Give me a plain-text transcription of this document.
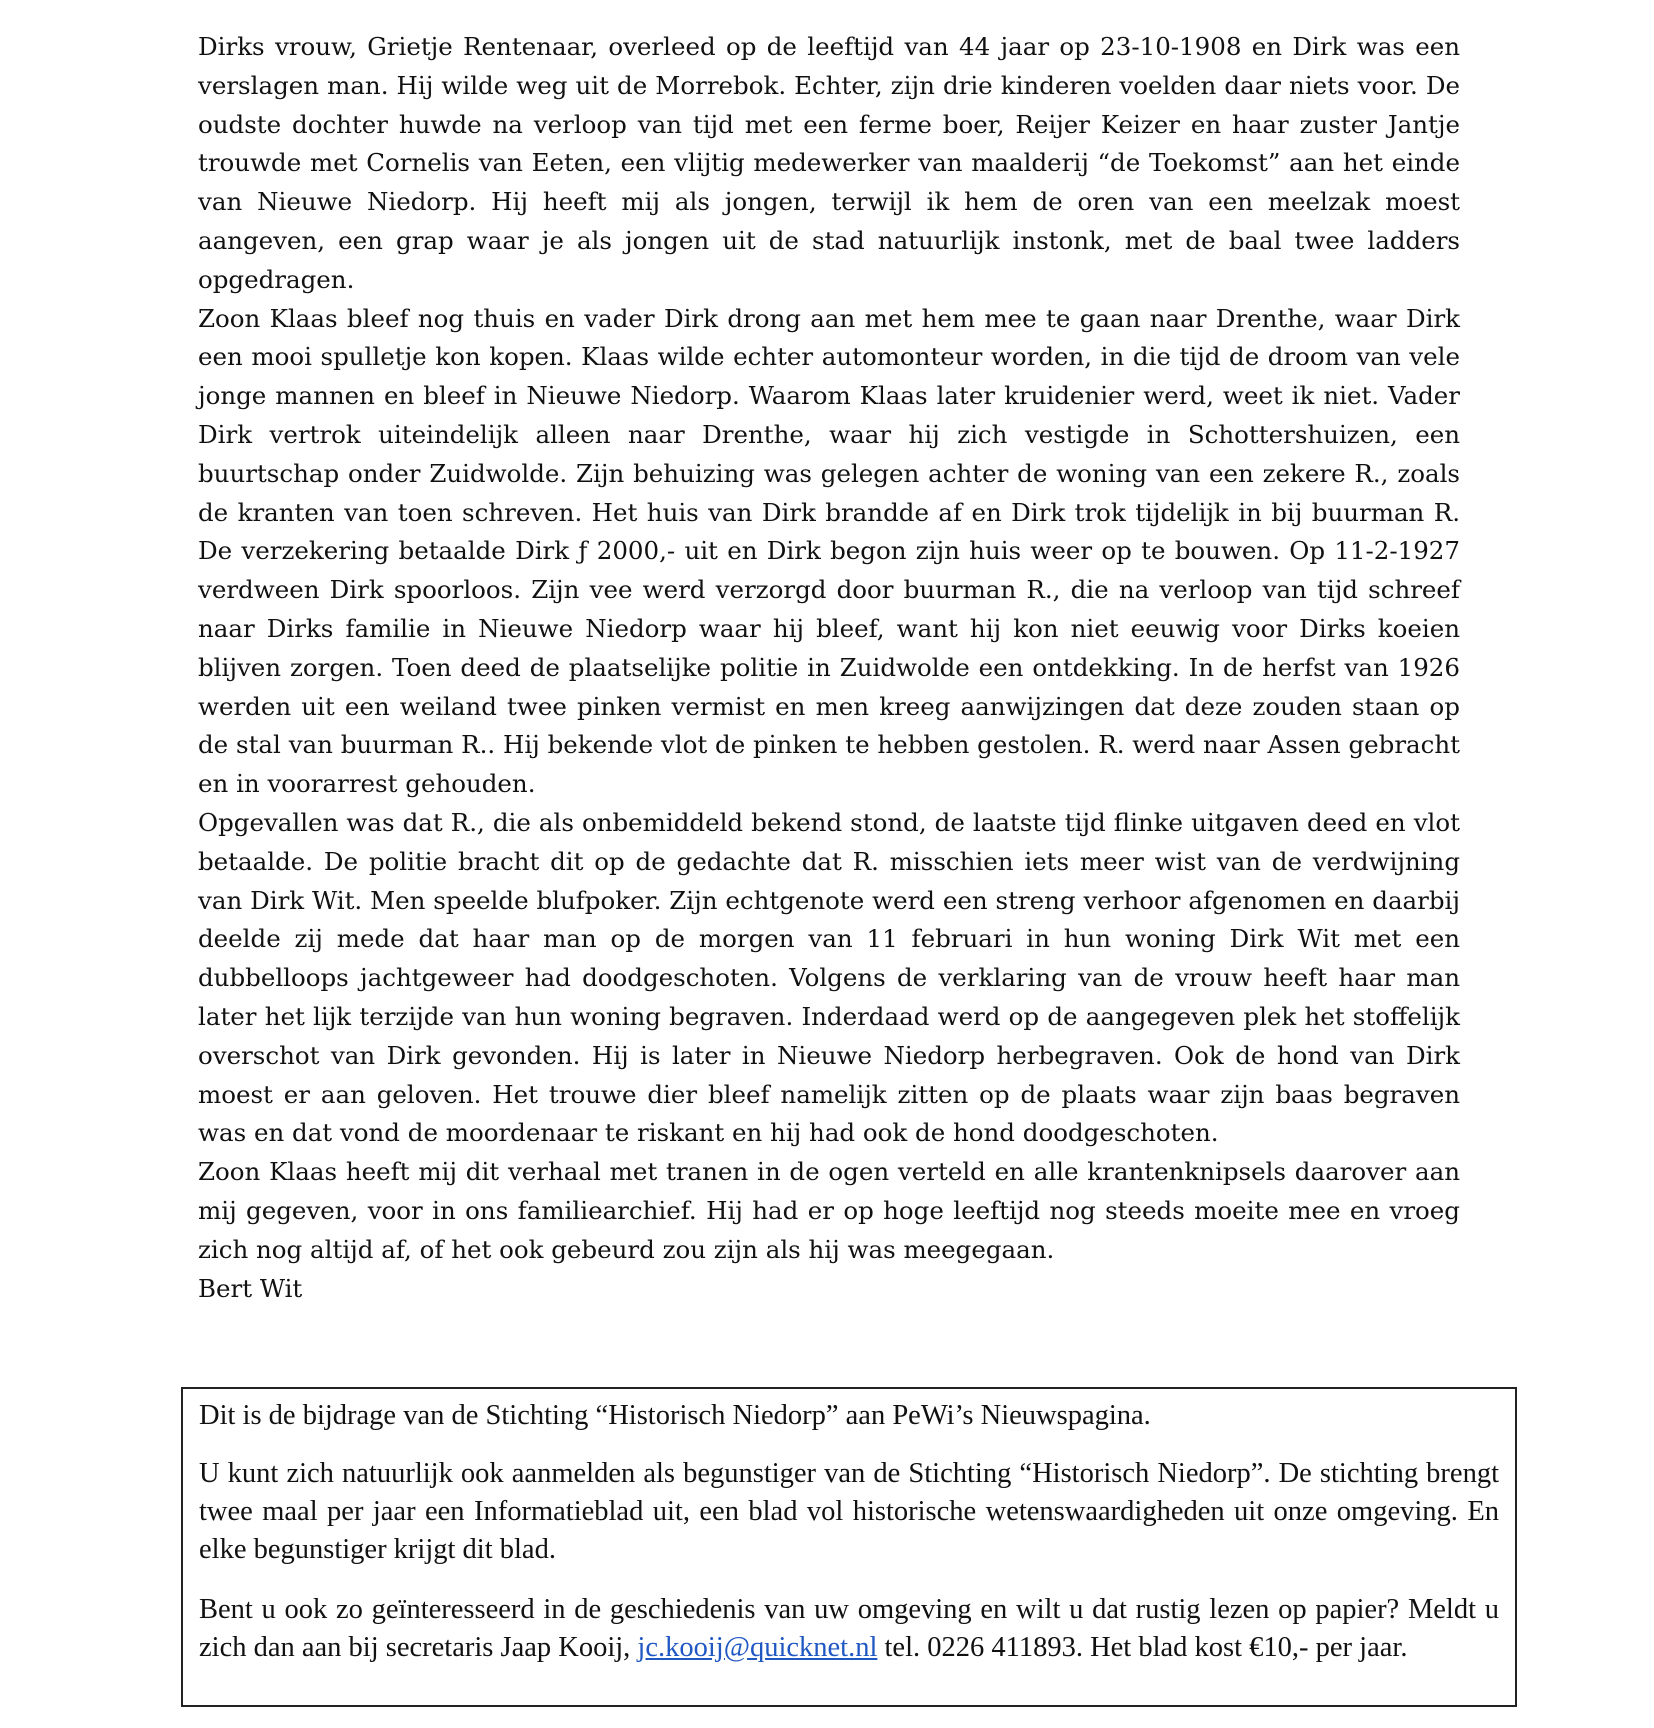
Dirks vrouw, Grietje Rentenaar, overleed op de leeftijd van 44 jaar op 23-10-1908 en Dirk was een verslagen man. Hij wilde weg uit de Morrebok. Echter, zijn drie kinderen voelden daar niets voor. De oudste dochter huwde na verloop van tijd met een ferme boer, Reijer Keizer en haar zuster Jantje trouwde met Cornelis van Eeten, een vlijtig medewerker van maalderij “de Toekomst” aan het einde van Nieuwe Niedorp. Hij heeft mij als jongen, terwijl ik hem de oren van een meelzak moest aangeven, een grap waar je als jongen uit de stad natuurlijk instonk, met de baal twee ladders opgedragen.

Zoon Klaas bleef nog thuis en vader Dirk drong aan met hem mee te gaan naar Drenthe, waar Dirk een mooi spulletje kon kopen. Klaas wilde echter automonteur worden, in die tijd de droom van vele jonge mannen en bleef in Nieuwe Niedorp. Waarom Klaas later kruidenier werd, weet ik niet. Vader Dirk vertrok uiteindelijk alleen naar Drenthe, waar hij zich vestigde in Schottershuizen, een buurtschap onder Zuidwolde. Zijn behuizing was gelegen achter de woning van een zekere R., zoals de kranten van toen schreven. Het huis van Dirk brandde af en Dirk trok tijdelijk in bij buurman R. De verzekering betaalde Dirk ƒ 2000,- uit en Dirk begon zijn huis weer op te bouwen. Op 11-2-1927 verdween Dirk spoorloos. Zijn vee werd verzorgd door buurman R., die na verloop van tijd schreef naar Dirks familie in Nieuwe Niedorp waar hij bleef, want hij kon niet eeuwig voor Dirks koeien blijven zorgen. Toen deed de plaatselijke politie in Zuidwolde een ontdekking. In de herfst van 1926 werden uit een weiland twee pinken vermist en men kreeg aanwijzingen dat deze zouden staan op de stal van buurman R.. Hij bekende vlot de pinken te hebben gestolen. R. werd naar Assen gebracht en in voorarrest gehouden.

Opgevallen was dat R., die als onbemiddeld bekend stond, de laatste tijd flinke uitgaven deed en vlot betaalde. De politie bracht dit op de gedachte dat R. misschien iets meer wist van de verdwijning van Dirk Wit. Men speelde blufpoker. Zijn echtgenote werd een streng verhoor afgenomen en daarbij deelde zij mede dat haar man op de morgen van 11 februari in hun woning Dirk Wit met een dubbelloops jachtgeweer had doodgeschoten. Volgens de verklaring van de vrouw heeft haar man later het lijk terzijde van hun woning begraven. Inderdaad werd op de aangegeven plek het stoffelijk overschot van Dirk gevonden. Hij is later in Nieuwe Niedorp herbegraven. Ook de hond van Dirk moest er aan geloven. Het trouwe dier bleef namelijk zitten op de plaats waar zijn baas begraven was en dat vond de moordenaar te riskant en hij had ook de hond doodgeschoten.

Zoon Klaas heeft mij dit verhaal met tranen in de ogen verteld en alle krantenknipsels daarover aan mij gegeven, voor in ons familiearchief. Hij had er op hoge leeftijd nog steeds moeite mee en vroeg zich nog altijd af, of het ook gebeurd zou zijn als hij was meegegaan.

Bert Wit

Dit is de bijdrage van de Stichting “Historisch Niedorp” aan PeWi’s Nieuwspagina.

U kunt zich natuurlijk ook aanmelden als begunstiger van de Stichting “Historisch Niedorp”. De stichting brengt twee maal per jaar een Informatieblad uit, een blad vol historische wetenswaardigheden uit onze omgeving. En elke begunstiger krijgt dit blad.

Bent u ook zo geïnteresseerd in de geschiedenis van uw omgeving en wilt u dat rustig lezen op papier? Meldt u zich dan aan bij secretaris Jaap Kooij, jc.kooij@quicknet.nl tel. 0226 411893. Het blad kost €10,- per jaar.
